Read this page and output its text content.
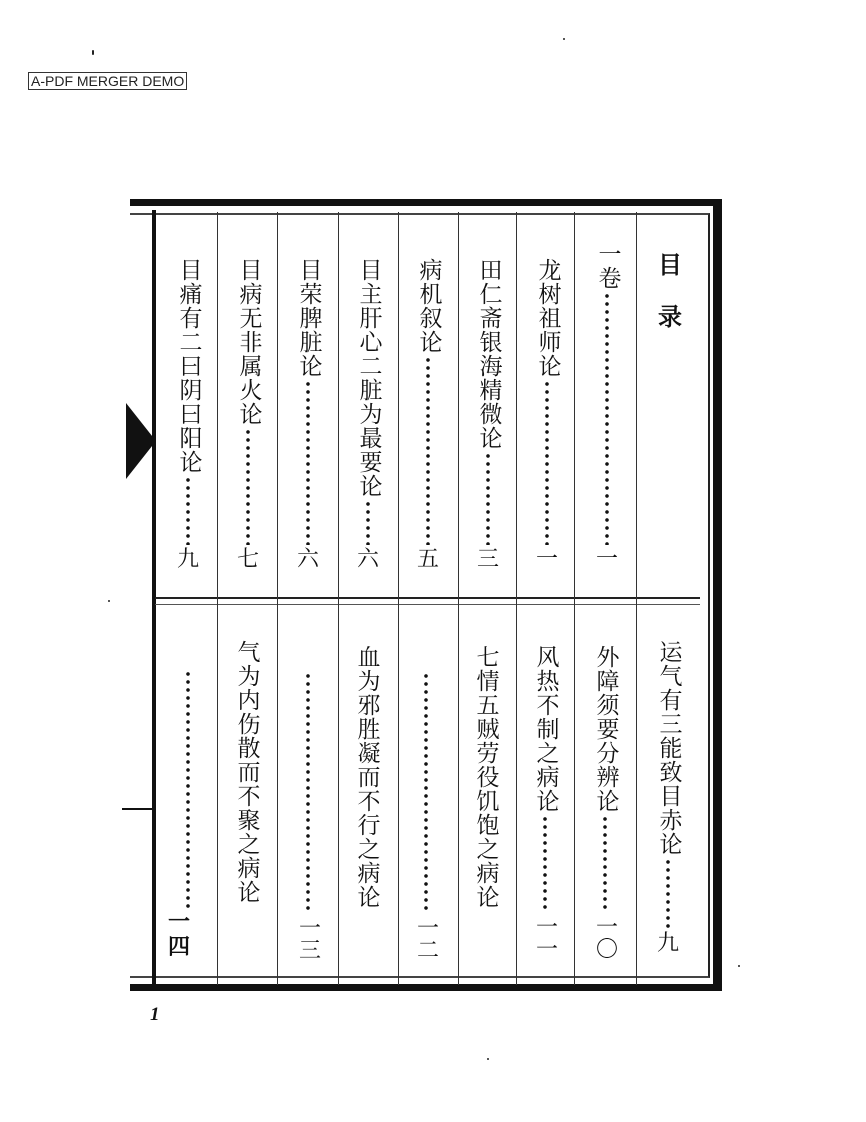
A-PDF MERGER DEMO
目录
一卷
一
龙树祖师论
一
田仁斋银海精微论
三
病机叙论
五
目主肝心二脏为最要论
六
目荣脾脏论
六
目病无非属火论
七
目痛有二曰阴曰阳论
九
运气有三能致目赤论
九
外障须要分辨论
一〇
风热不制之病论
一一
七情五贼劳役饥饱之病论
一二
血为邪胜凝而不行之病论
一三
气为内伤散而不聚之病论
一四
1
